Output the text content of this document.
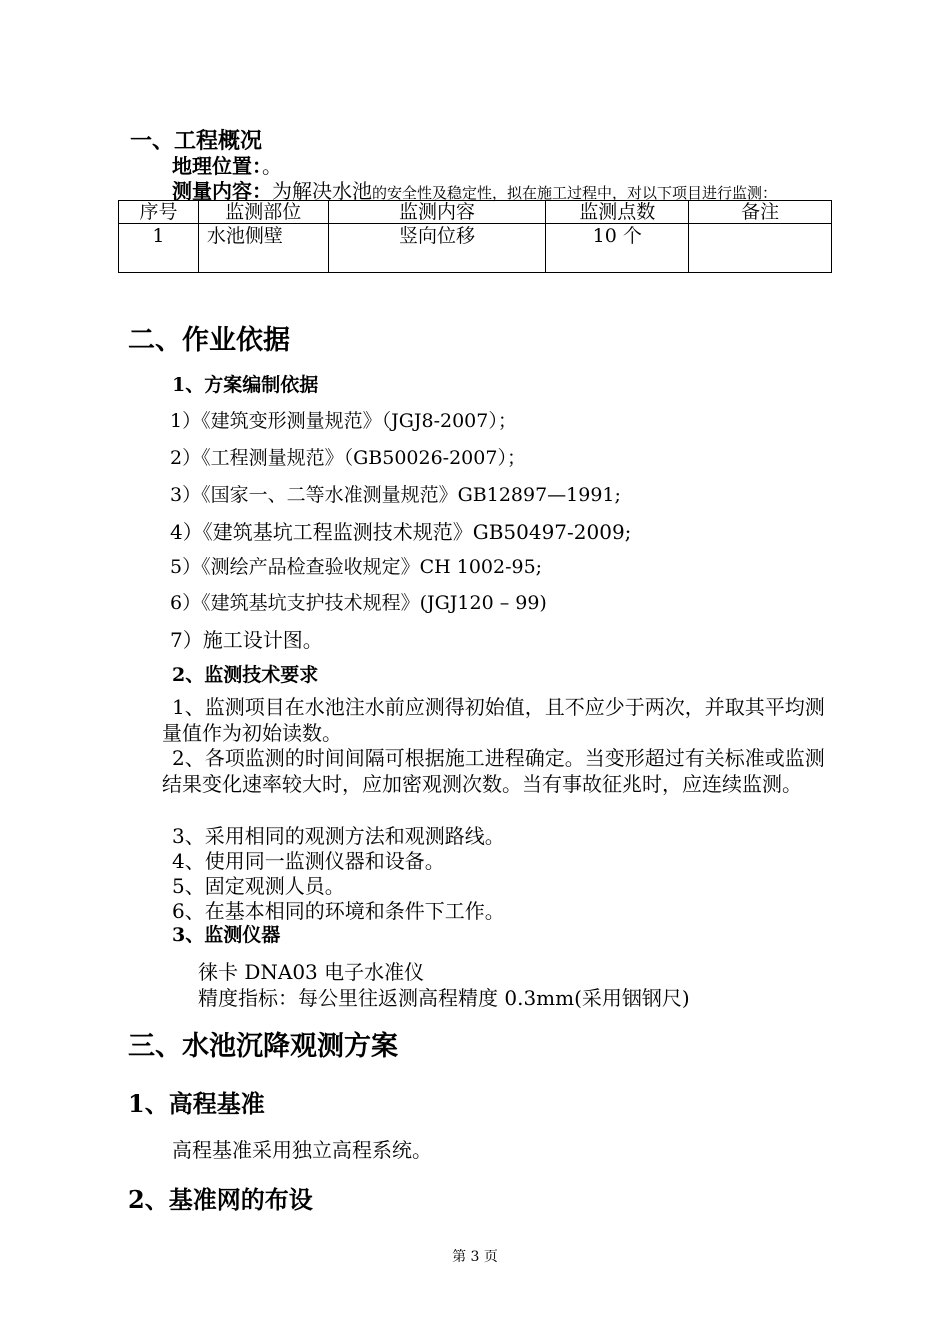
一、工程概况
地理位置：。
测量内容：为解决水池的安全性及稳定性，拟在施工过程中，对以下项目进行监测：
序号	监测部位	监测内容	监测点数	备注
1	水池侧壁	竖向位移	10 个	
二、作业依据
1、方案编制依据
1）《建筑变形测量规范》（JGJ8-2007）；
2）《工程测量规范》（GB50026-2007）；
3）《国家一、二等水准测量规范》GB12897—1991;
4）《建筑基坑工程监测技术规范》GB50497-2009;
5）《测绘产品检查验收规定》CH 1002-95;
6）《建筑基坑支护技术规程》(JGJ120 – 99)
7）施工设计图。
2、监测技术要求
1、监测项目在水池注水前应测得初始值，且不应少于两次，并取其平均测量值作为初始读数。
2、各项监测的时间间隔可根据施工进程确定。当变形超过有关标准或监测结果变化速率较大时，应加密观测次数。当有事故征兆时，应连续监测。
3、采用相同的观测方法和观测路线。
4、使用同一监测仪器和设备。
5、固定观测人员。
6、在基本相同的环境和条件下工作。
3、监测仪器
徕卡 DNA03 电子水准仪
精度指标：每公里往返测高程精度 0.3mm(采用铟钢尺)
三、水池沉降观测方案
1、高程基准
高程基准采用独立高程系统。
2、基准网的布设
第 3 页
